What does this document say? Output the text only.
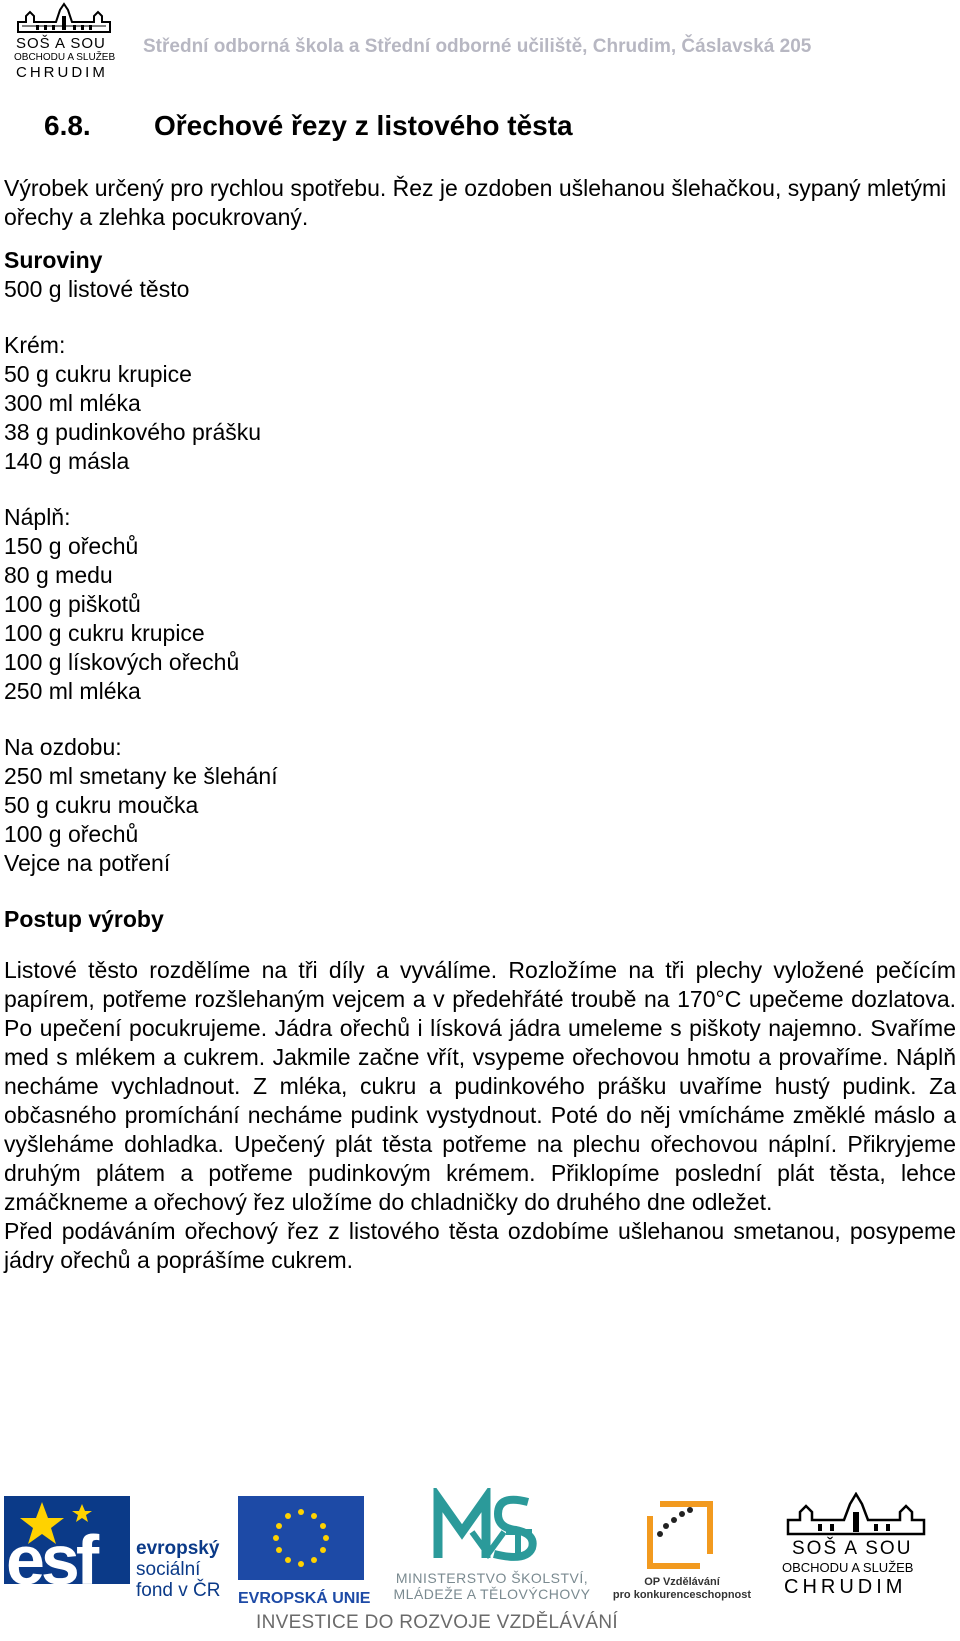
SOŠ A SOU
OBCHODU A SLUŽEB
CHRUDIM
Střední odborná škola a Střední odborné učiliště, Chrudim, Čáslavská 205
6.8. Ořechové řezy z listového těsta

Výrobek určený pro rychlou spotřebu. Řez je ozdoben ušlehanou šlehačkou, sypaný mletými ořechy a zlehka pocukrovaný.

Suroviny
500 g listové těsto
Krém:
50 g cukru krupice
300 ml mléka
38 g pudinkového prášku
140 g másla
Náplň:
150 g ořechů
80 g medu
100 g piškotů
100 g cukru krupice
100 g lískových ořechů
250 ml mléka
Na ozdobu:
250 ml smetany ke šlehání
50 g cukru moučka
100 g ořechů
Vejce na potření
Postup výroby
Listové těsto rozdělíme na tři díly a vyválíme. Rozložíme na tři plechy vyložené pečícím papírem, potřeme rozšlehaným vejcem a v předehřáté troubě na 170°C upečeme dozlatova. Po upečení pocukrujeme. Jádra ořechů i lísková jádra umeleme s piškoty najemno. Svaříme med s mlékem a cukrem. Jakmile začne vřít, vsypeme ořechovou hmotu a provaříme. Náplň necháme vychladnout. Z mléka, cukru a pudinkového prášku uvaříme hustý pudink. Za občasného promíchání necháme pudink vystydnout. Poté do něj vmícháme změklé máslo a vyšleháme dohladka. Upečený plát těsta potřeme na plechu ořechovou náplní. Přikryjeme druhým plátem a potřeme pudinkovým krémem. Přiklopíme poslední plát těsta, lehce zmáčkneme a ořechový řez uložíme do chladničky do druhého dne odležet.
Před podáváním ořechový řez z listového těsta ozdobíme ušlehanou smetanou, posypeme jádry ořechů a poprášíme cukrem.
esf evropský
sociální
fond v ČR EVROPSKÁ UNIE
MINISTERSTVO ŠKOLSTVÍ,
MLÁDEŽE A TĚLOVÝCHOVY
OP Vzdělávání
pro konkurenceschopnost
SOŠ A SOU
OBCHODU A SLUŽEB
CHRUDIM
INVESTICE DO ROZVOJE VZDĚLÁVÁNÍ
